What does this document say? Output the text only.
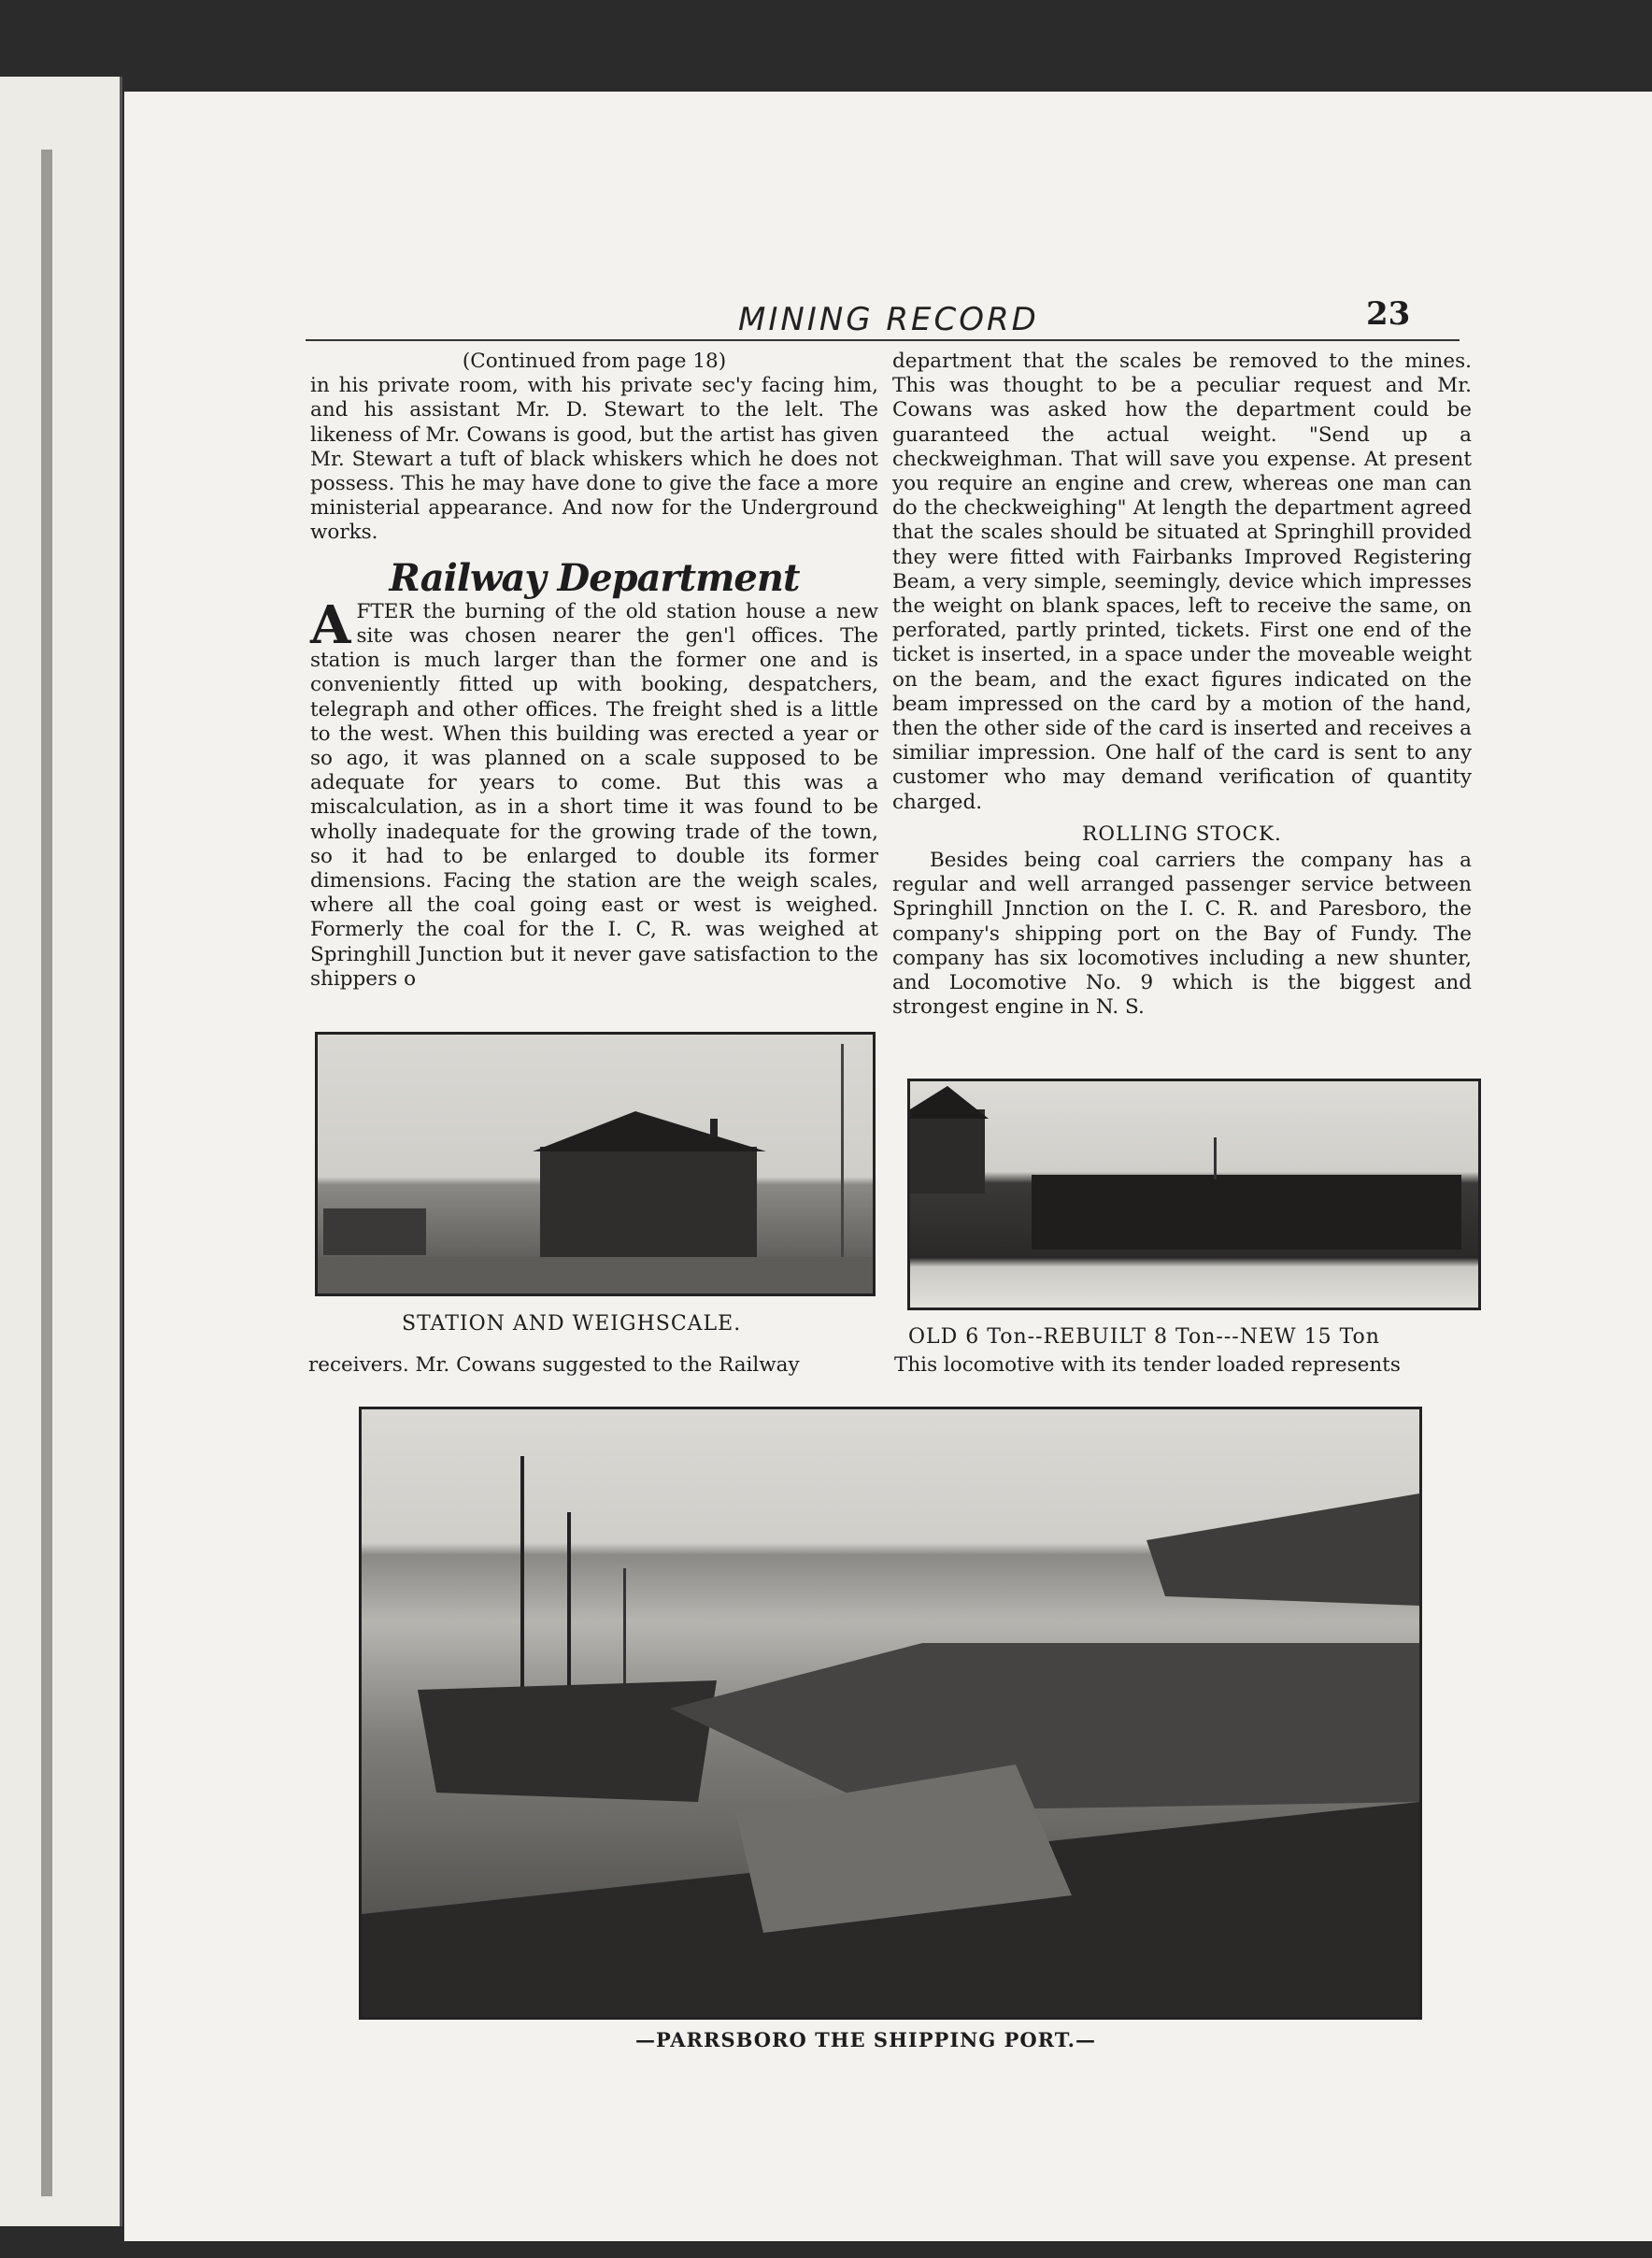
MINING RECORD	23

(Continued from page 18)

in his private room, with his private sec'y facing him, and his assistant Mr. D. Stewart to the lelt. The likeness of Mr. Cowans is good, but the artist has given Mr. Stewart a tuft of black whiskers which he does not possess. This he may have done to give the face a more ministerial appearance. And now for the Underground works.

Railway Department

AFTER the burning of the old station house a new site was chosen nearer the gen'l offices. The station is much larger than the former one and is conveniently fitted up with booking, despatchers, telegraph and other offices. The freight shed is a little to the west. When this building was erected a year or so ago, it was planned on a scale supposed to be adequate for years to come. But this was a miscalculation, as in a short time it was found to be wholly inadequate for the growing trade of the town, so it had to be enlarged to double its former dimensions. Facing the station are the weigh scales, where all the coal going east or west is weighed. Formerly the coal for the I. C, R. was weighed at Springhill Junction but it never gave satisfaction to the shippers o

department that the scales be removed to the mines. This was thought to be a peculiar request and Mr. Cowans was asked how the department could be guaranteed the actual weight. "Send up a checkweighman. That will save you expense. At present you require an engine and crew, whereas one man can do the checkweighing" At length the department agreed that the scales should be situated at Springhill provided they were fitted with Fairbanks Improved Registering Beam, a very simple, seemingly, device which impresses the weight on blank spaces, left to receive the same, on perforated, partly printed, tickets. First one end of the ticket is inserted, in a space under the moveable weight on the beam, and the exact figures indicated on the beam impressed on the card by a motion of the hand, then the other side of the card is inserted and receives a similiar impression. One half of the card is sent to any customer who may demand verification of quantity charged.

ROLLING STOCK.

Besides being coal carriers the company has a regular and well arranged passenger service between Springhill Jnnction on the I. C. R. and Paresboro, the company's shipping port on the Bay of Fundy. The company has six locomotives including a new shunter, and Locomotive No. 9 which is the biggest and strongest engine in N. S.

STATION AND WEIGHSCALE.
OLD 6 Ton--REBUILT 8 Ton---NEW 15 Ton
receivers. Mr. Cowans suggested to the Railway	This locomotive with its tender loaded represents
—PARRSBORO THE SHIPPING PORT.—
